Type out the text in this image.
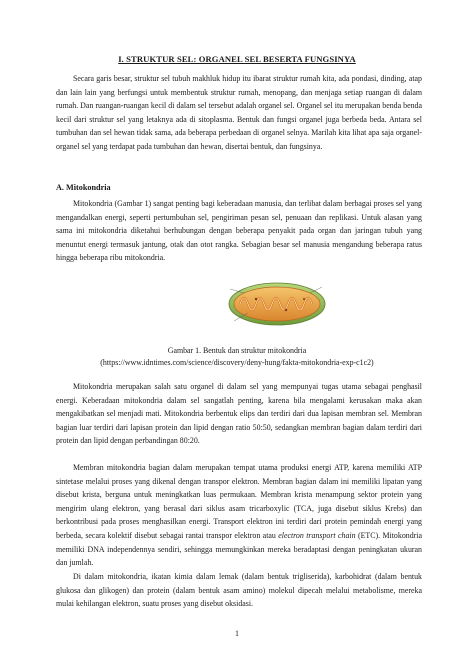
I. STRUKTUR SEL: ORGANEL SEL BESERTA FUNGSINYA
Secara garis besar, struktur sel tubuh makhluk hidup itu ibarat struktur rumah kita, ada pondasi, dinding, atap dan lain lain yang berfungsi untuk membentuk struktur rumah, menopang, dan menjaga setiap ruangan di dalam rumah. Dan ruangan-ruangan kecil di dalam sel tersebut adalah organel sel. Organel sel itu merupakan benda benda kecil dari struktur sel yang letaknya ada di sitoplasma. Bentuk dan fungsi organel juga berbeda beda. Antara sel tumbuhan dan sel hewan tidak sama, ada beberapa perbedaan di organel selnya. Marilah kita lihat apa saja organel-organel sel yang terdapat pada tumbuhan dan hewan, disertai bentuk, dan fungsinya.
A. Mitokondria
Mitokondria (Gambar 1) sangat penting bagi keberadaan manusia, dan terlibat dalam berbagai proses sel yang mengandalkan energi, seperti pertumbuhan sel, pengiriman pesan sel, penuaan dan replikasi. Untuk alasan yang sama ini mitokondria diketahui berhubungan dengan beberapa penyakit pada organ dan jaringan tubuh yang menuntut energi termasuk jantung, otak dan otot rangka. Sebagian besar sel manusia mengandung beberapa ratus hingga beberapa ribu mitokondria.
Gambar 1. Bentuk dan struktur mitokondria
(https://www.idntimes.com/science/discovery/deny-hung/fakta-mitokondria-exp-c1c2)
Mitokondria merupakan salah satu organel di dalam sel yang mempunyai tugas utama sebagai penghasil energi. Keberadaan mitokondria dalam sel sangatlah penting, karena bila mengalami kerusakan maka akan mengakibatkan sel menjadi mati. Mitokondria berbentuk elips dan terdiri dari dua lapisan membran sel. Membran bagian luar terdiri dari lapisan protein dan lipid dengan ratio 50:50, sedangkan membran bagian dalam terdiri dari protein dan lipid dengan perbandingan 80:20.
Membran mitokondria bagian dalam merupakan tempat utama produksi energi ATP, karena memiliki ATP sintetase melalui proses yang dikenal dengan transpor elektron. Membran bagian dalam ini memiliki lipatan yang disebut krista, berguna untuk meningkatkan luas permukaan. Membran krista menampung sektor protein yang mengirim ulang elektron, yang berasal dari siklus asam tricarboxylic (TCA, juga disebut siklus Krebs) dan berkontribusi pada proses menghasilkan energi. Transport elektron ini terdiri dari protein pemindah energi yang berbeda, secara kolektif disebut sebagai rantai transpor elektron atau electron transport chain (ETC). Mitokondria memiliki DNA independennya sendiri, sehingga memungkinkan mereka beradaptasi dengan peningkatan ukuran dan jumlah.
Di dalam mitokondria, ikatan kimia dalam lemak (dalam bentuk trigliserida), karbohidrat (dalam bentuk glukosa dan glikogen) dan protein (dalam bentuk asam amino) molekul dipecah melalui metabolisme, mereka mulai kehilangan elektron, suatu proses yang disebut oksidasi.
1
